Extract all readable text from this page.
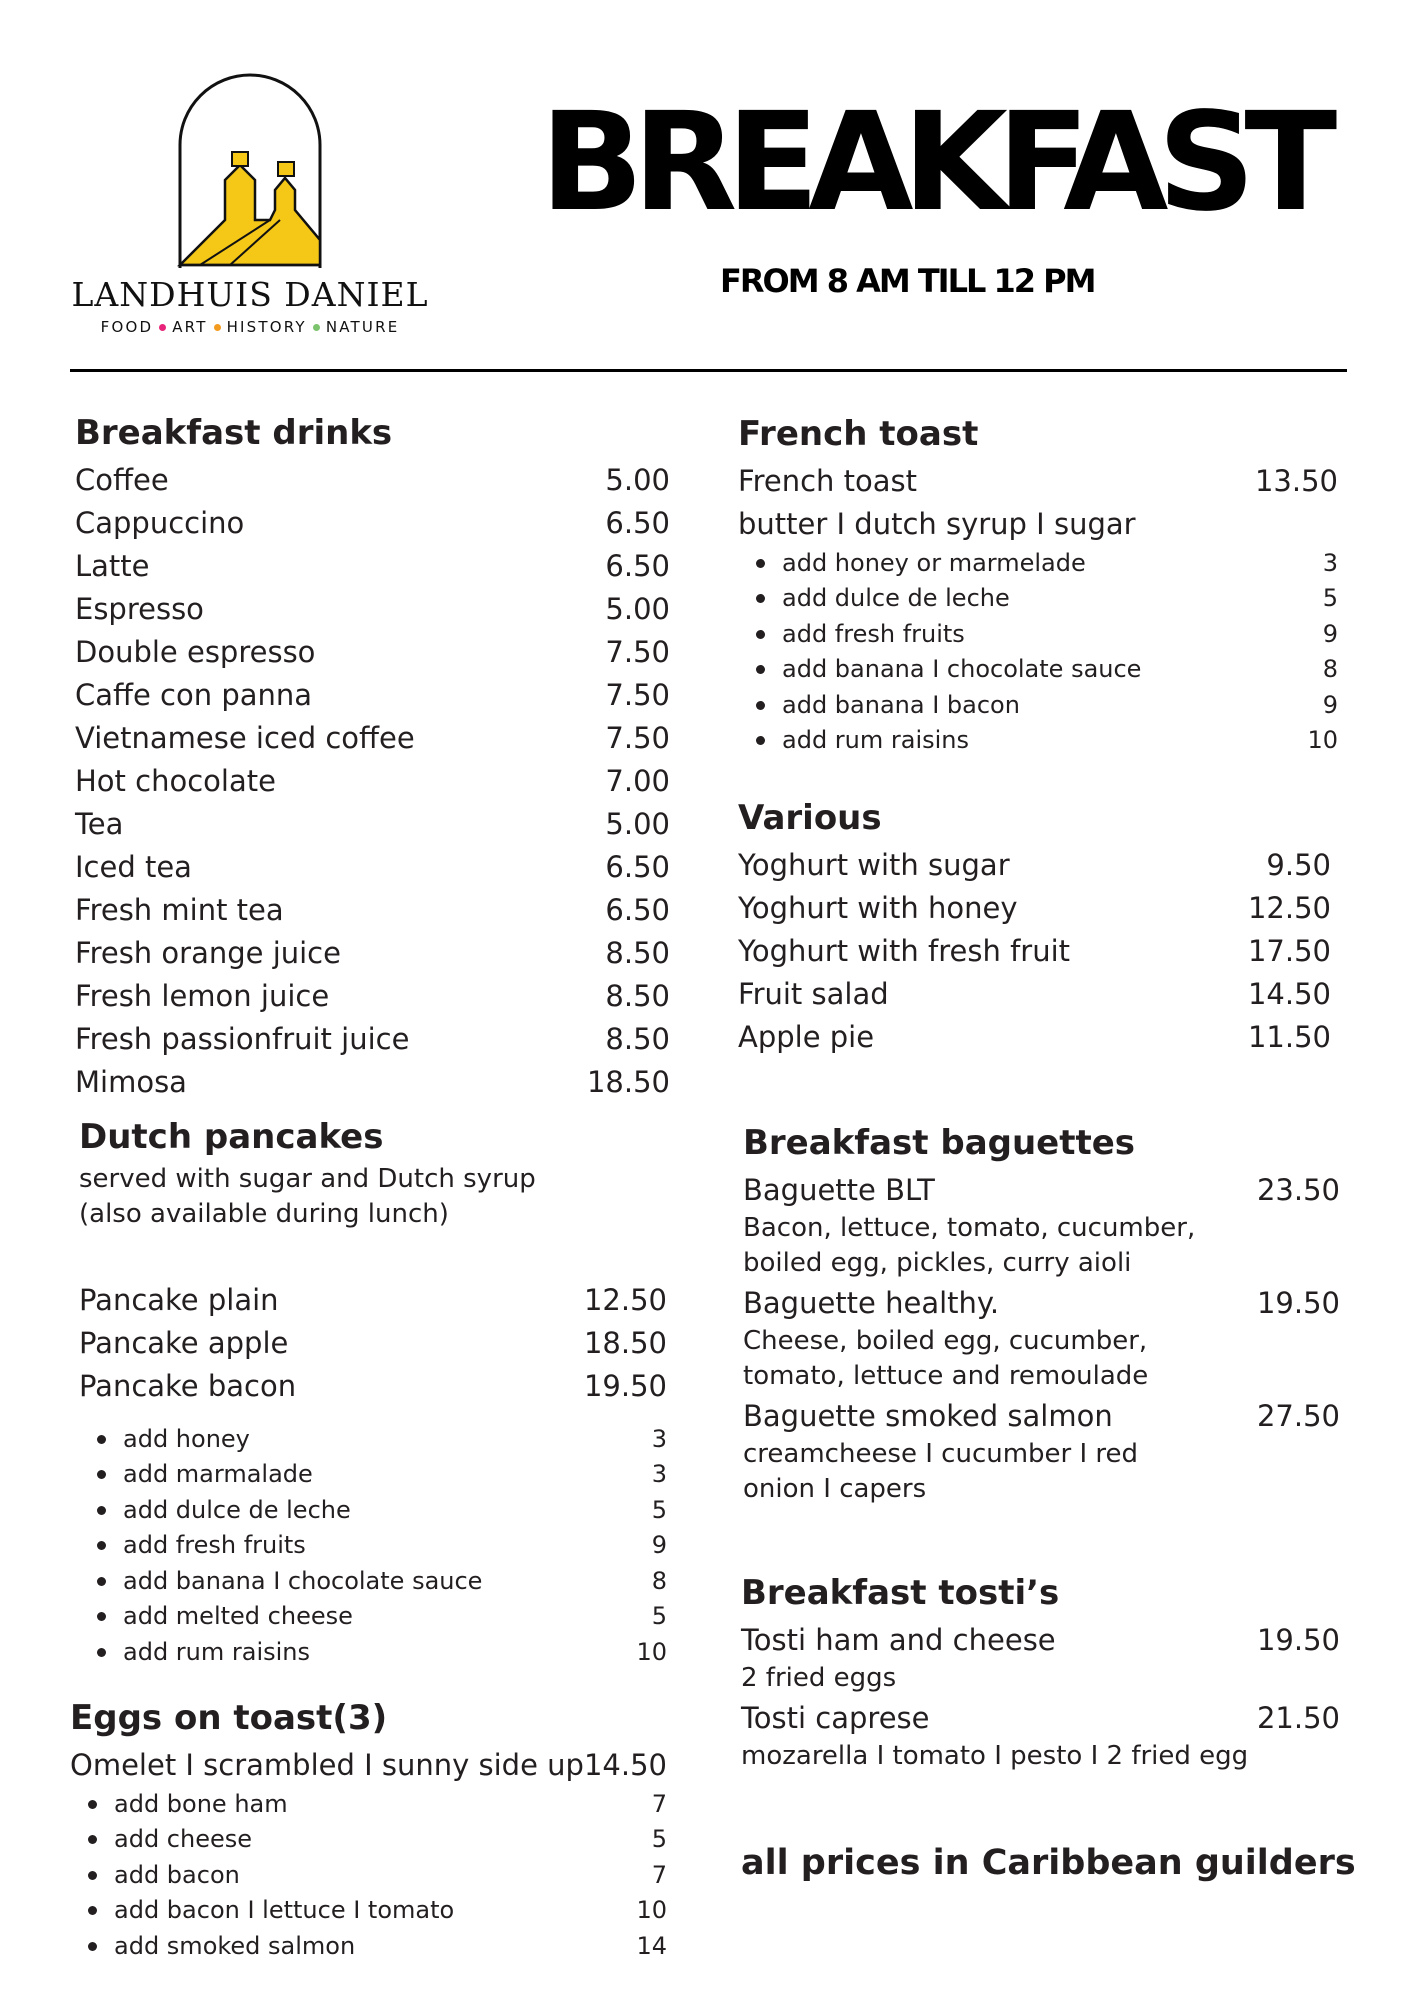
LANDHUIS DANIEL
FOOD ART HISTORY NATURE
BREAKFAST
FROM 8 AM TILL 12 PM
Breakfast drinks
Coffee	5.00
Cappuccino	6.50
Latte	6.50
Espresso	5.00
Double espresso	7.50
Caffe con panna	7.50
Vietnamese iced coffee	7.50
Hot chocolate	7.00
Tea	5.00
Iced tea	6.50
Fresh mint tea	6.50
Fresh orange juice	8.50
Fresh lemon juice	8.50
Fresh passionfruit juice	8.50
Mimosa	18.50
Dutch pancakes
served with sugar and Dutch syrup
(also available during lunch)
Pancake plain	12.50
Pancake apple	18.50
Pancake bacon	19.50
add honey	3
add marmalade	3
add dulce de leche	5
add fresh fruits	9
add banana I chocolate sauce	8
add melted cheese	5
add rum raisins	10
Eggs on toast(3)
Omelet I scrambled I sunny side up 14.50
add bone ham	7
add cheese	5
add bacon	7
add bacon I lettuce I tomato	10
add smoked salmon	14
French toast
French toast	13.50
butter I dutch syrup I sugar
add honey or marmelade	3
add dulce de leche	5
add fresh fruits	9
add banana I chocolate sauce	8
add banana I bacon	9
add rum raisins	10
Various
Yoghurt with sugar	9.50
Yoghurt with honey	12.50
Yoghurt with fresh fruit	17.50
Fruit salad	14.50
Apple pie	11.50
Breakfast baguettes
Baguette BLT	23.50
Bacon, lettuce, tomato, cucumber,
boiled egg, pickles, curry aioli
Baguette healthy.	19.50
Cheese, boiled egg, cucumber,
tomato, lettuce and remoulade
Baguette smoked salmon	27.50
creamcheese I cucumber I red
onion I capers
Breakfast tosti’s
Tosti ham and cheese	19.50
2 fried eggs
Tosti caprese	21.50
mozarella I tomato I pesto I 2 fried egg
all prices in Caribbean guilders
